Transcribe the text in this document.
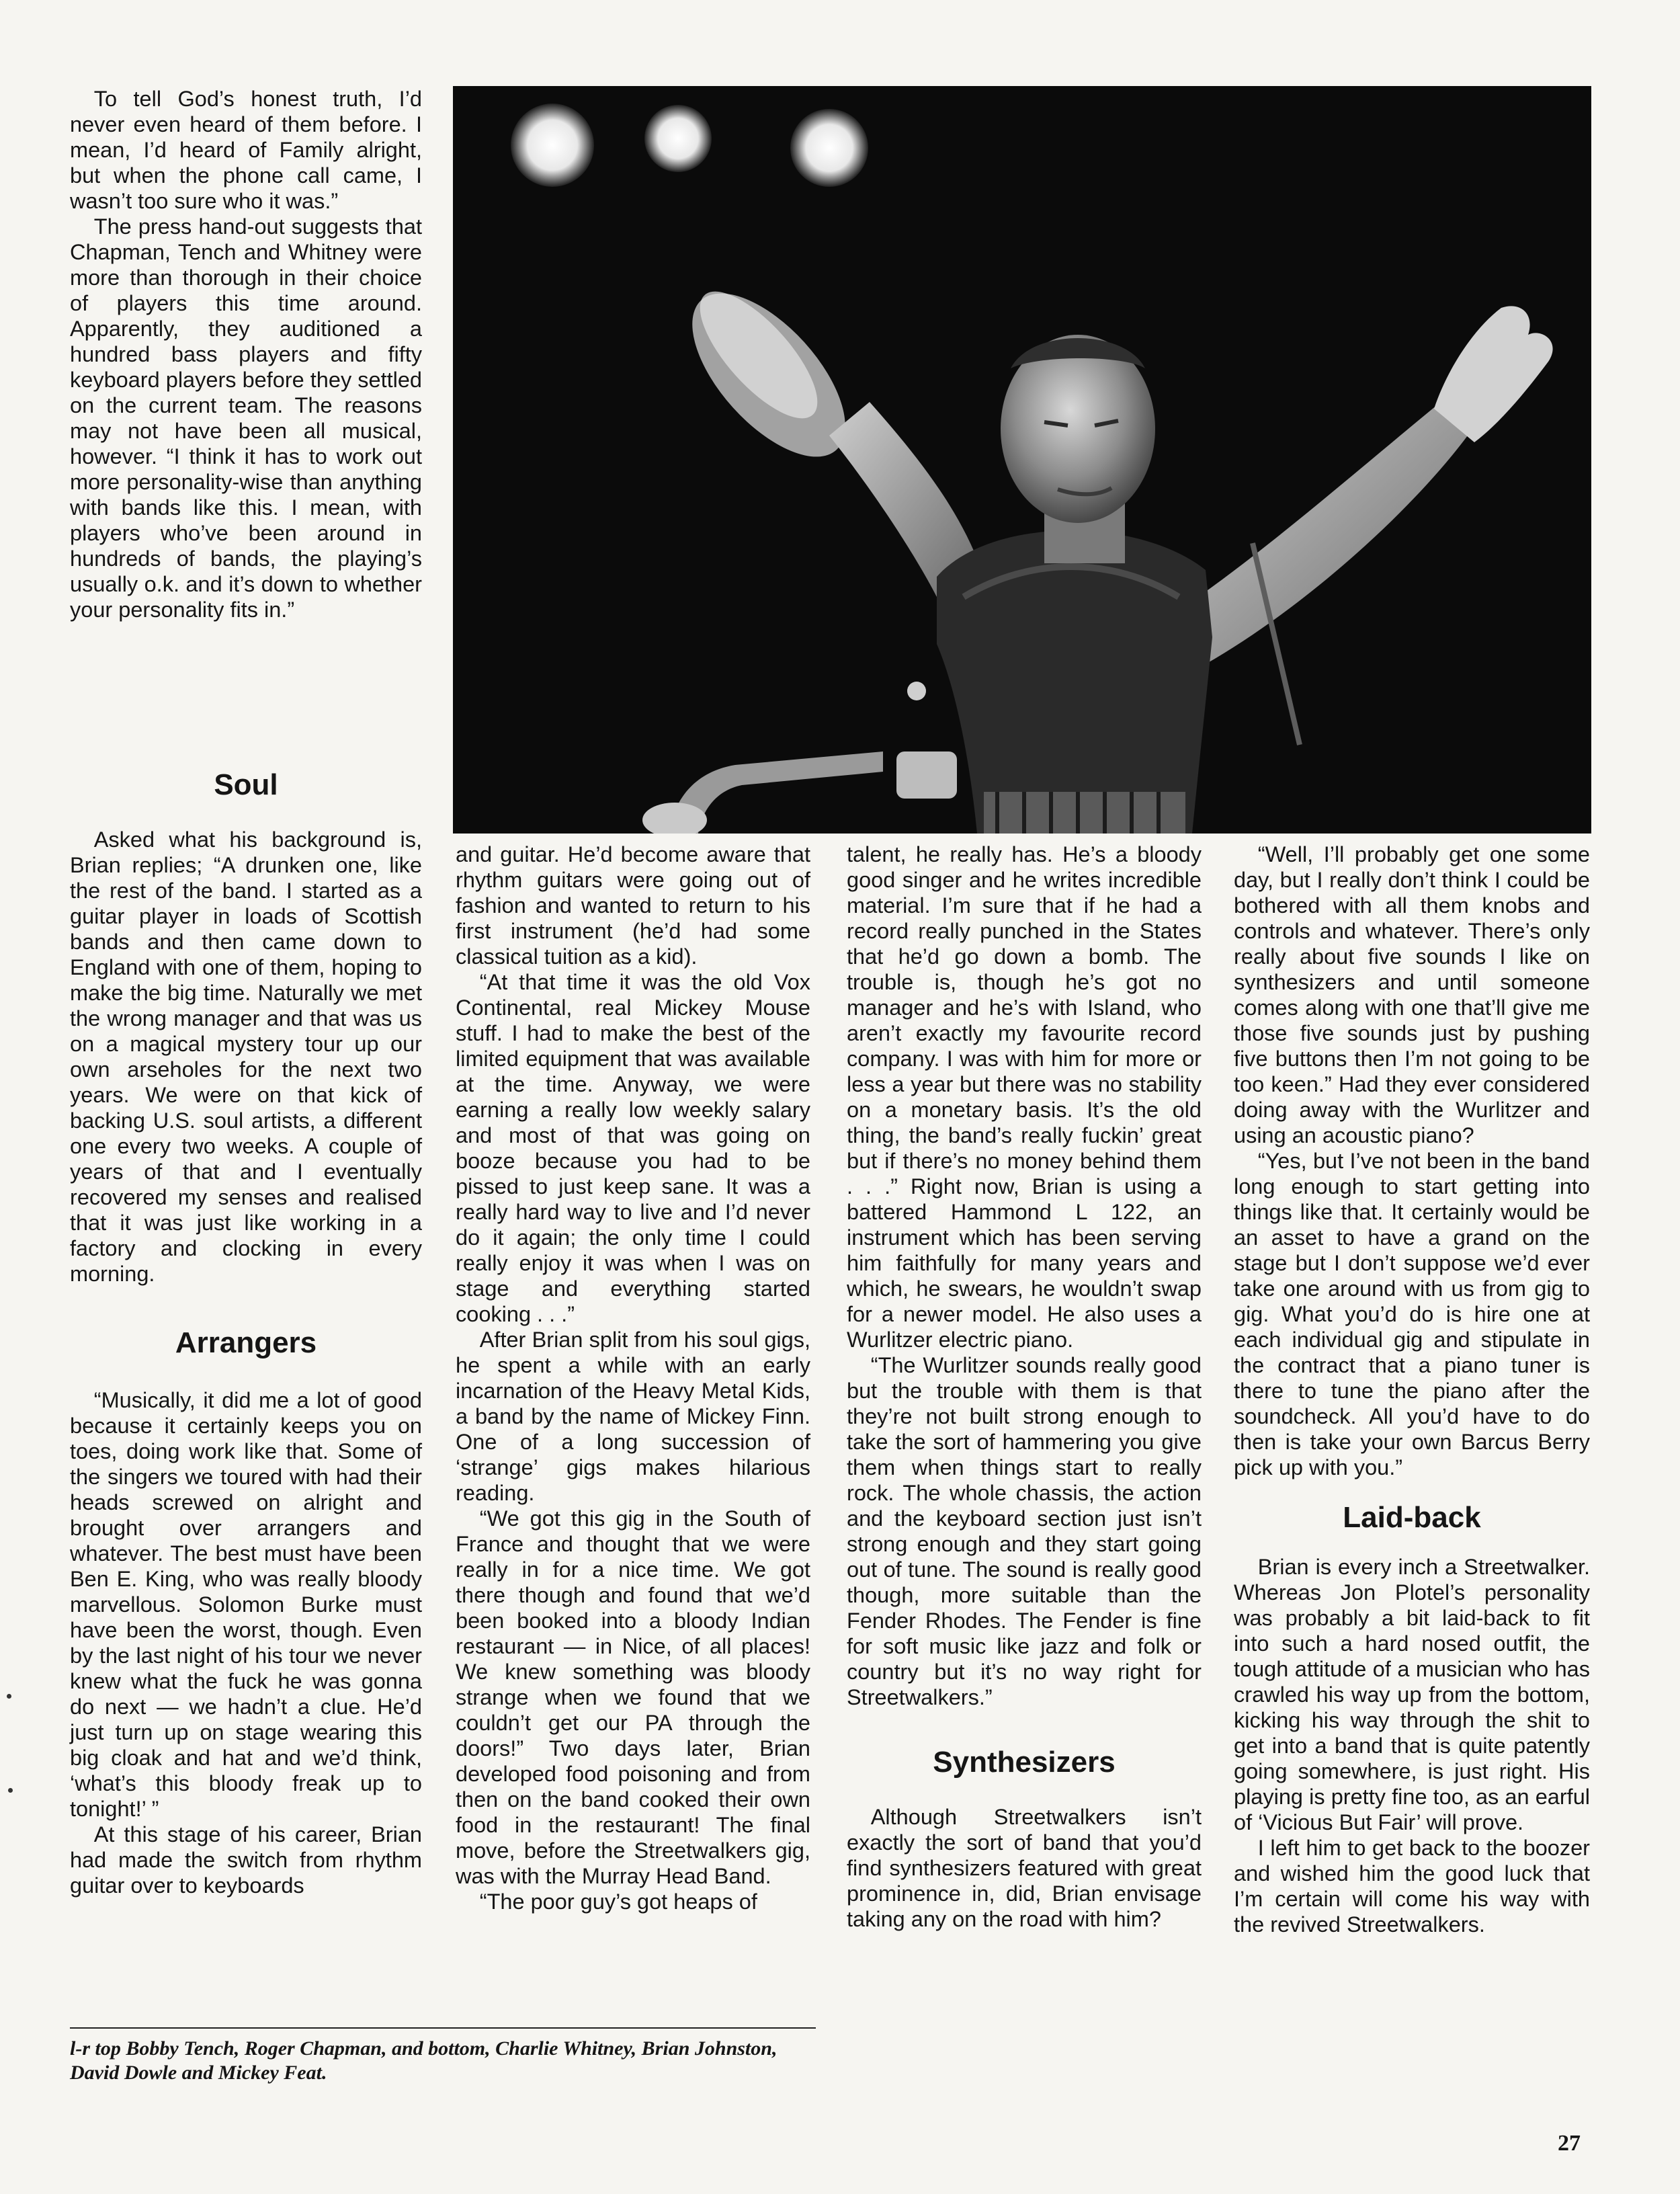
To tell God’s honest truth, I’d never even heard of them before. I mean, I’d heard of Family alright, but when the phone call came, I wasn’t too sure who it was.”

The press hand-out suggests that Chapman, Tench and Whitney were more than thorough in their choice of players this time around. Apparently, they auditioned a hundred bass players and fifty keyboard players before they settled on the current team. The reasons may not have been all musical, however. “I think it has to work out more personality-wise than anything with bands like this. I mean, with players who’ve been around in hundreds of bands, the playing’s usually o.k. and it’s down to whether your personality fits in.”

Soul

Asked what his background is, Brian replies; “A drunken one, like the rest of the band. I started as a guitar player in loads of Scottish bands and then came down to England with one of them, hoping to make the big time. Naturally we met the wrong manager and that was us on a magical mystery tour up our own arseholes for the next two years. We were on that kick of backing U.S. soul artists, a different one every two weeks. A couple of years of that and I eventually recovered my senses and realised that it was just like working in a factory and clocking in every morning.

Arrangers

“Musically, it did me a lot of good because it certainly keeps you on toes, doing work like that. Some of the singers we toured with had their heads screwed on alright and brought over arrangers and whatever. The best must have been Ben E. King, who was really bloody marvellous. Solomon Burke must have been the worst, though. Even by the last night of his tour we never knew what the fuck he was gonna do next — we hadn’t a clue. He’d just turn up on stage wearing this big cloak and hat and we’d think, ‘what’s this bloody freak up to tonight!’ ”

At this stage of his career, Brian had made the switch from rhythm guitar over to keyboards

and guitar. He’d become aware that rhythm guitars were going out of fashion and wanted to return to his first instrument (he’d had some classical tuition as a kid).

“At that time it was the old Vox Continental, real Mickey Mouse stuff. I had to make the best of the limited equipment that was available at the time. Anyway, we were earning a really low weekly salary and most of that was going on booze because you had to be pissed to just keep sane. It was a really hard way to live and I’d never do it again; the only time I could really enjoy it was when I was on stage and everything started cooking . . .”

After Brian split from his soul gigs, he spent a while with an early incarnation of the Heavy Metal Kids, a band by the name of Mickey Finn. One of a long succession of ‘strange’ gigs makes hilarious reading.

“We got this gig in the South of France and thought that we were really in for a nice time. We got there though and found that we’d been booked into a bloody Indian restaurant — in Nice, of all places! We knew something was bloody strange when we found that we couldn’t get our PA through the doors!” Two days later, Brian developed food poisoning and from then on the band cooked their own food in the restaurant! The final move, before the Streetwalkers gig, was with the Murray Head Band.

“The poor guy’s got heaps of

talent, he really has. He’s a bloody good singer and he writes incredible material. I’m sure that if he had a record really punched in the States that he’d go down a bomb. The trouble is, though he’s got no manager and he’s with Island, who aren’t exactly my favourite record company. I was with him for more or less a year but there was no stability on a monetary basis. It’s the old thing, the band’s really fuckin’ great but if there’s no money behind them . . .” Right now, Brian is using a battered Hammond L 122, an instrument which has been serving him faithfully for many years and which, he swears, he wouldn’t swap for a newer model. He also uses a Wurlitzer electric piano.

“The Wurlitzer sounds really good but the trouble with them is that they’re not built strong enough to take the sort of hammering you give them when things start to really rock. The whole chassis, the action and the keyboard section just isn’t strong enough and they start going out of tune. The sound is really good though, more suitable than the Fender Rhodes. The Fender is fine for soft music like jazz and folk or country but it’s no way right for Streetwalkers.”

Synthesizers

Although Streetwalkers isn’t exactly the sort of band that you’d find synthesizers featured with great prominence in, did, Brian envisage taking any on the road with him?

“Well, I’ll probably get one some day, but I really don’t think I could be bothered with all them knobs and controls and whatever. There’s only really about five sounds I like on synthesizers and until someone comes along with one that’ll give me those five sounds just by pushing five buttons then I’m not going to be too keen.” Had they ever considered doing away with the Wurlitzer and using an acoustic piano?

“Yes, but I’ve not been in the band long enough to start getting into things like that. It certainly would be an asset to have a grand on the stage but I don’t suppose we’d ever take one around with us from gig to gig. What you’d do is hire one at each individual gig and stipulate in the contract that a piano tuner is there to tune the piano after the soundcheck. All you’d have to do then is take your own Barcus Berry pick up with you.”

Laid-back

Brian is every inch a Streetwalker. Whereas Jon Plotel’s personality was probably a bit laid-back to fit into such a hard nosed outfit, the tough attitude of a musician who has crawled his way up from the bottom, kicking his way through the shit to get into a band that is quite patently going somewhere, is just right. His playing is pretty fine too, as an earful of ‘Vicious But Fair’ will prove.

I left him to get back to the boozer and wished him the good luck that I’m certain will come his way with the revived Streetwalkers.

l-r top Bobby Tench, Roger Chapman, and bottom, Charlie Whitney, Brian Johnston, David Dowle and Mickey Feat.
27
